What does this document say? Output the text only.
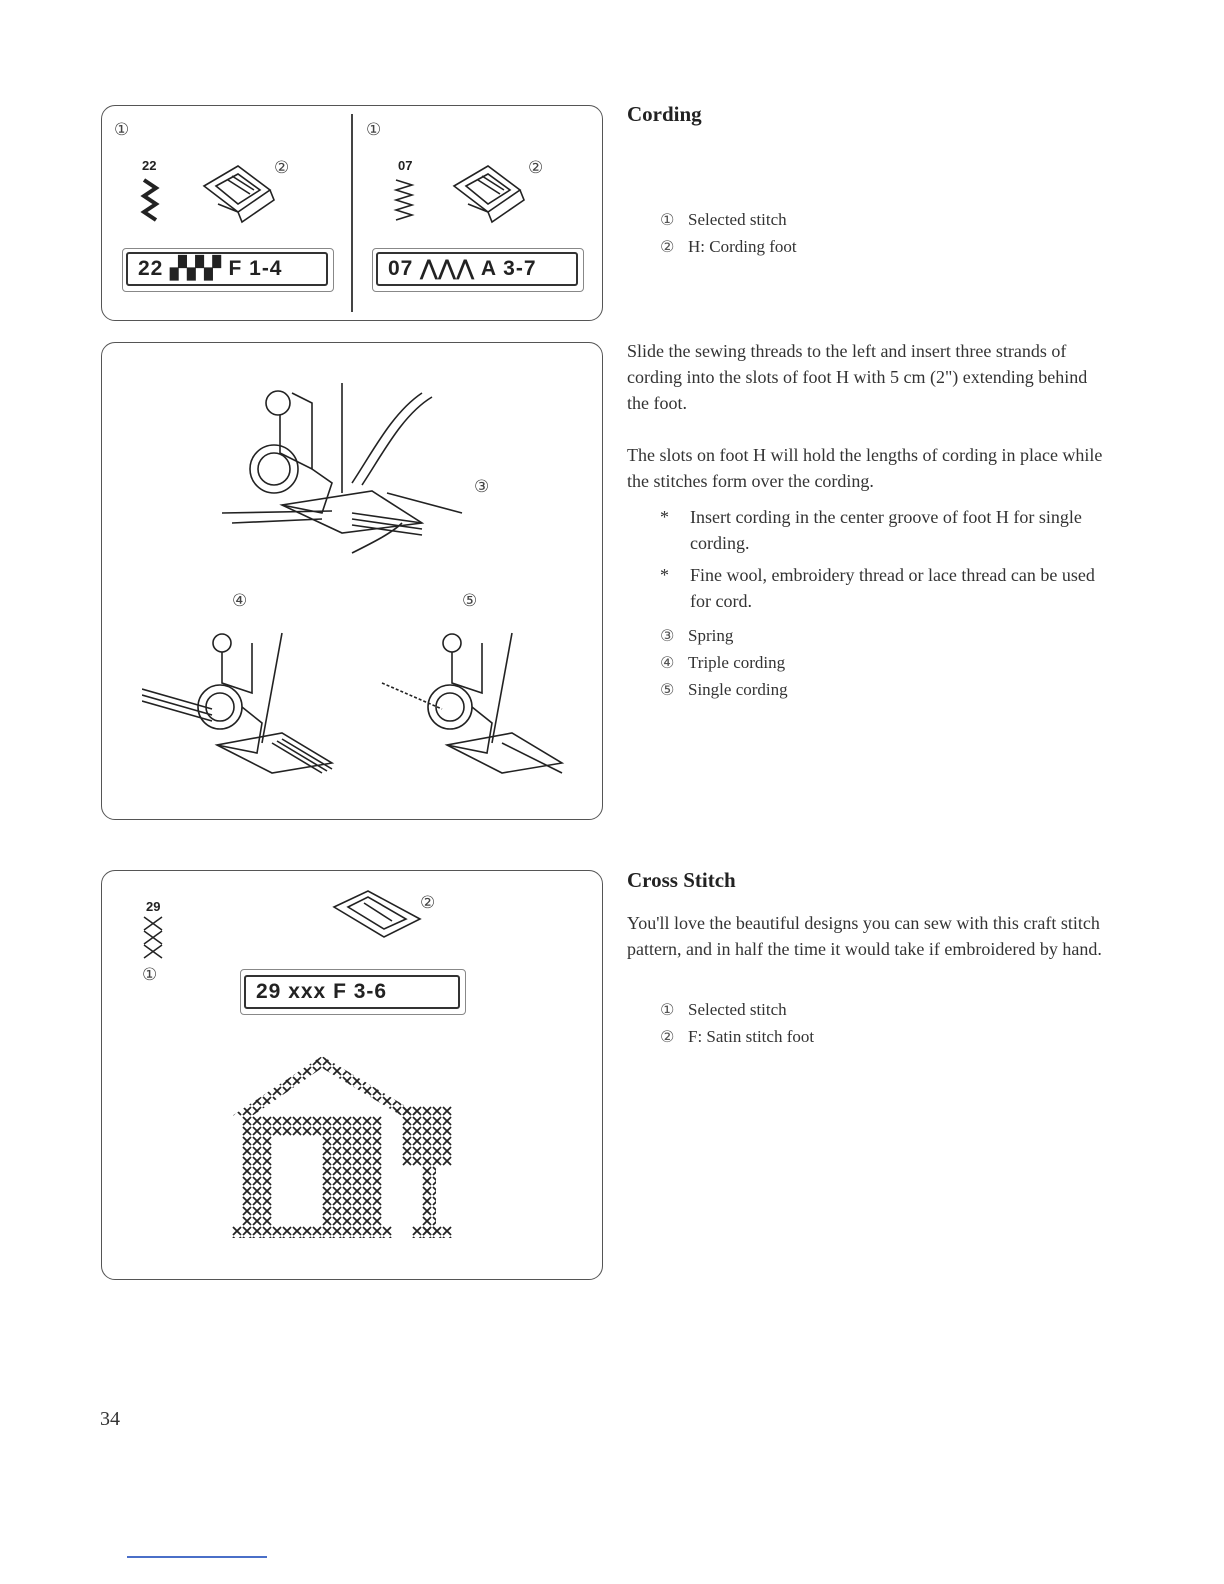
①
22	②
22 ▞▞▞ F 1-4
①
07	②
07 ⋀⋀⋀ A 3-7
③
④	⑤
29
①
②
29 xxx F 3-6
Cording
① Selected stitch
② H: Cording foot
Slide the sewing threads to the left and insert three strands of cording into the slots of foot H with 5 cm (2") extending behind the foot.
The slots on foot H will hold the lengths of cording in place while the stitches form over the cording.
* Insert cording in the center groove of foot H for single cording.
* Fine wool, embroidery thread or lace thread can be used for cord.
③ Spring
④ Triple cording
⑤ Single cording
Cross Stitch
You'll love the beautiful designs you can sew with this craft stitch pattern, and in half the time it would take if embroidered by hand.
① Selected stitch
② F: Satin stitch foot
34
